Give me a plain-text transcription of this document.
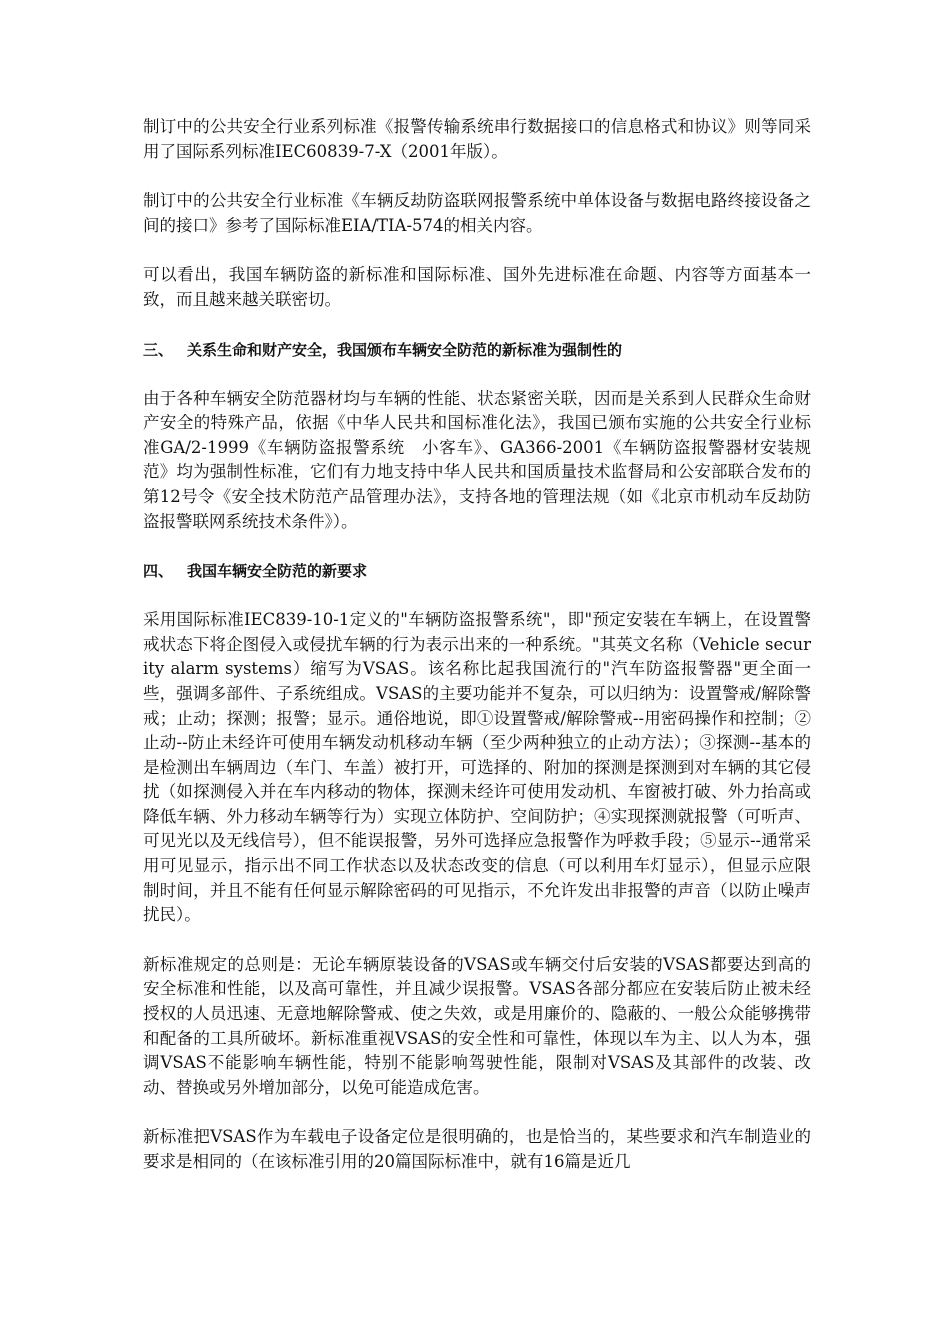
制订中的公共安全行业系列标准《报警传输系统串行数据接口的信息格式和协议》则等同采用了国际系列标准IEC60839-7-X（2001年版）。

制订中的公共安全行业标准《车辆反劫防盗联网报警系统中单体设备与数据电路终接设备之间的接口》参考了国际标准EIA/TIA-574的相关内容。

可以看出，我国车辆防盗的新标准和国际标准、国外先进标准在命题、内容等方面基本一致，而且越来越关联密切。

三、 关系生命和财产安全，我国颁布车辆安全防范的新标准为强制性的

由于各种车辆安全防范器材均与车辆的性能、状态紧密关联，因而是关系到人民群众生命财产安全的特殊产品，依据《中华人民共和国标准化法》，我国已颁布实施的公共安全行业标准GA/2-1999《车辆防盗报警系统　小客车》、GA366-2001《车辆防盗报警器材安装规范》均为强制性标准，它们有力地支持中华人民共和国质量技术监督局和公安部联合发布的第12号令《安全技术防范产品管理办法》，支持各地的管理法规（如《北京市机动车反劫防盗报警联网系统技术条件》）。

四、 我国车辆安全防范的新要求

采用国际标准IEC839-10-1定义的"车辆防盗报警系统"，即"预定安装在车辆上，在设置警戒状态下将企图侵入或侵扰车辆的行为表示出来的一种系统。"其英文名称（Vehicle security alarm systems）缩写为VSAS。该名称比起我国流行的"汽车防盗报警器"更全面一些，强调多部件、子系统组成。VSAS的主要功能并不复杂，可以归纳为：设置警戒/解除警戒；止动；探测；报警；显示。通俗地说，即①设置警戒/解除警戒--用密码操作和控制；②止动--防止未经许可使用车辆发动机移动车辆（至少两种独立的止动方法）；③探测--基本的是检测出车辆周边（车门、车盖）被打开，可选择的、附加的探测是探测到对车辆的其它侵扰（如探测侵入并在车内移动的物体，探测未经许可使用发动机、车窗被打破、外力抬高或降低车辆、外力移动车辆等行为）实现立体防护、空间防护；④实现探测就报警（可听声、可见光以及无线信号），但不能误报警，另外可选择应急报警作为呼救手段；⑤显示--通常采用可见显示，指示出不同工作状态以及状态改变的信息（可以利用车灯显示），但显示应限制时间，并且不能有任何显示解除密码的可见指示，不允许发出非报警的声音（以防止噪声扰民）。

新标准规定的总则是：无论车辆原装设备的VSAS或车辆交付后安装的VSAS都要达到高的安全标准和性能，以及高可靠性，并且减少误报警。VSAS各部分都应在安装后防止被未经授权的人员迅速、无意地解除警戒、使之失效，或是用廉价的、隐蔽的、一般公众能够携带和配备的工具所破坏。新标准重视VSAS的安全性和可靠性，体现以车为主、以人为本，强调VSAS不能影响车辆性能，特别不能影响驾驶性能，限制对VSAS及其部件的改装、改动、替换或另外增加部分，以免可能造成危害。

新标准把VSAS作为车载电子设备定位是很明确的，也是恰当的，某些要求和汽车制造业的要求是相同的（在该标准引用的20篇国际标准中，就有16篇是近几
